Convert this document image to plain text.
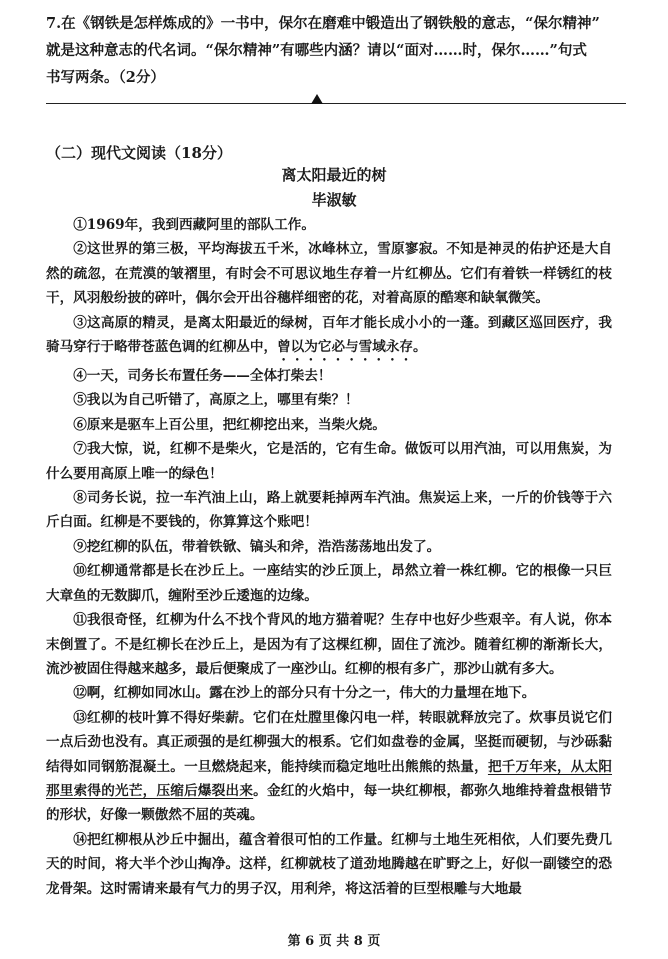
7.在《钢铁是怎样炼成的》一书中，保尔在磨难中锻造出了钢铁般的意志，“保尔精神”

就是这种意志的代名词。“保尔精神”有哪些内涵？请以“面对……时，保尔……”句式

书写两条。（2分）

（二）现代文阅读（18分）
离太阳最近的树
毕淑敏

①1969年，我到西藏阿里的部队工作。

②这世界的第三极，平均海拔五千米，冰峰林立，雪原寥寂。不知是神灵的佑护还是大自然的疏忽，在荒漠的皱褶里，有时会不可思议地生存着一片红柳丛。它们有着铁一样锈红的枝干，风羽般纷披的碎叶，偶尔会开出谷穗样细密的花，对着高原的酷寒和缺氧微笑。

③这高原的精灵，是离太阳最近的绿树，百年才能长成小小的一蓬。到藏区巡回医疗，我骑马穿行于略带苍蓝色调的红柳丛中，曾以为它必与雪域永存。

④一天，司务长布置任务——全体打柴去！

⑤我以为自己听错了，高原之上，哪里有柴？！

⑥原来是驱车上百公里，把红柳挖出来，当柴火烧。

⑦我大惊，说，红柳不是柴火，它是活的，它有生命。做饭可以用汽油，可以用焦炭，为什么要用高原上唯一的绿色！

⑧司务长说，拉一车汽油上山，路上就要耗掉两车汽油。焦炭运上来，一斤的价钱等于六斤白面。红柳是不要钱的，你算算这个账吧！

⑨挖红柳的队伍，带着铁锨、镐头和斧，浩浩荡荡地出发了。

⑩红柳通常都是长在沙丘上。一座结实的沙丘顶上，昂然立着一株红柳。它的根像一只巨大章鱼的无数脚爪，缠附至沙丘逶迤的边缘。

⑪我很奇怪，红柳为什么不找个背风的地方猫着呢？生存中也好少些艰辛。有人说，你本末倒置了。不是红柳长在沙丘上，是因为有了这棵红柳，固住了流沙。随着红柳的渐渐长大，流沙被固住得越来越多，最后便聚成了一座沙山。红柳的根有多广，那沙山就有多大。

⑫啊，红柳如同冰山。露在沙上的部分只有十分之一，伟大的力量埋在地下。

⑬红柳的枝叶算不得好柴薪。它们在灶膛里像闪电一样，转眼就释放完了。炊事员说它们一点后劲也没有。真正顽强的是红柳强大的根系。它们如盘卷的金属，坚挺而硬韧，与沙砾黏结得如同钢筋混凝土。一旦燃烧起来，能持续而稳定地吐出熊熊的热量，把千万年来，从太阳那里索得的光芒，压缩后爆裂出来。金红的火焰中，每一块红柳根，都弥久地维持着盘根错节的形状，好像一颗傲然不屈的英魂。

⑭把红柳根从沙丘中掘出，蕴含着很可怕的工作量。红柳与土地生死相依，人们要先费几天的时间，将大半个沙山掏净。这样，红柳就枝了道劲地腾越在旷野之上，好似一副镂空的恐龙骨架。这时需请来最有气力的男子汉，用利斧，将这活着的巨型根雕与大地最

第 6 页 共 8 页
